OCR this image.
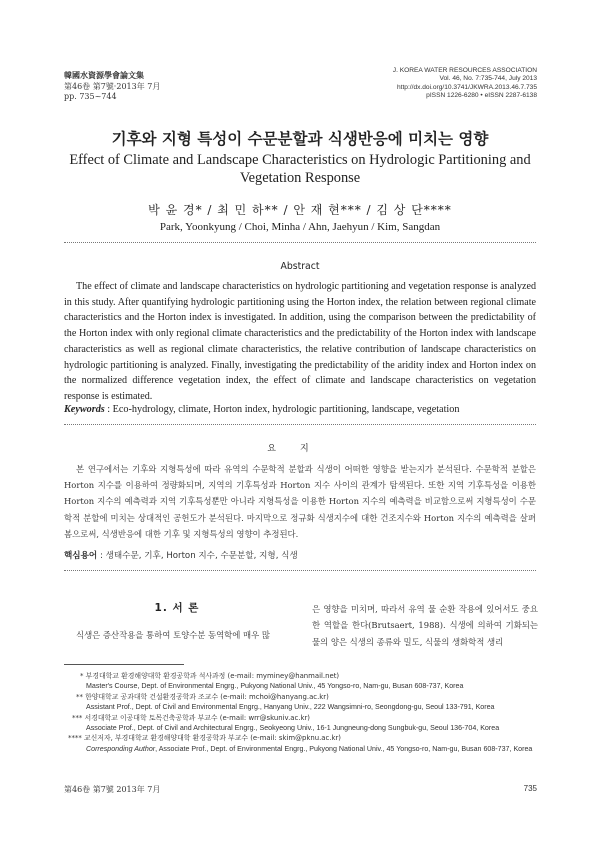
韓國水資源學會論文集
第46卷 第7號·2013年 7月
pp. 735~744
J. KOREA WATER RESOURCES ASSOCIATION
Vol. 46, No. 7:735-744, July 2013
http://dx.doi.org/10.3741/JKWRA.2013.46.7.735
pISSN 1226-6280 • eISSN 2287-6138
기후와 지형 특성이 수문분할과 식생반응에 미치는 영향
Effect of Climate and Landscape Characteristics on Hydrologic Partitioning and Vegetation Response
박 윤 경* / 최 민 하** / 안 재 현*** / 김 상 단****
Park, Yoonkyung / Choi, Minha / Ahn, Jaehyun / Kim, Sangdan
Abstract

The effect of climate and landscape characteristics on hydrologic partitioning and vegetation response is analyzed in this study. After quantifying hydrologic partitioning using the Horton index, the relation between regional climate characteristics and the Horton index is investigated. In addition, using the comparison between the predictability of the Horton index with only regional climate characteristics and the predictability of the Horton index with landscape characteristics as well as regional climate characteristics, the relative contribution of landscape characteristics on hydrologic partitioning is analyzed. Finally, investigating the predictability of the aridity index and Horton index on the normalized difference vegetation index, the effect of climate and landscape characteristics on vegetation response is estimated.

Keywords : Eco-hydrology, climate, Horton index, hydrologic partitioning, landscape, vegetation
요지

본 연구에서는 기후와 지형특성에 따라 유역의 수문학적 분할과 식생이 어떠한 영향을 받는지가 분석된다. 수문학적 분할은 Horton 지수를 이용하여 정량화되며, 지역의 기후특성과 Horton 지수 사이의 관계가 탐색된다. 또한 지역 기후특성을 이용한 Horton 지수의 예측력과 지역 기후특성뿐만 아니라 지형특성을 이용한 Horton 지수의 예측력을 비교함으로써 지형특성이 수문학적 분할에 미치는 상대적인 공헌도가 분석된다. 마지막으로 정규화 식생지수에 대한 건조지수와 Horton 지수의 예측력을 살펴봄으로써, 식생반응에 대한 기후 및 지형특성의 영향이 추정된다.

핵심용어 : 생태수문, 기후, Horton 지수, 수문분할, 지형, 식생
1. 서 론
식생은 증산작용을 통하여 토양수분 동역학에 매우 많
은 영향을 미치며, 따라서 유역 물 순환 작용에 있어서도 중요한 역할을 한다(Brutsaert, 1988). 식생에 의하여 기화되는 물의 양은 식생의 종류와 밀도, 식물의 생화학적 생리
* 부경대학교 환경해양대학 환경공학과 석사과정 (e-mail: myminey@hanmail.net)
Master's Course, Dept. of Environmental Engrg., Pukyong National Univ., 45 Yongso-ro, Nam-gu, Busan 608-737, Korea
** 한양대학교 공과대학 건설환경공학과 조교수 (e-mail: mchoi@hanyang.ac.kr)
Assistant Prof., Dept. of Civil and Environmental Engrg., Hanyang Univ., 222 Wangsimni-ro, Seongdong-gu, Seoul 133-791, Korea
*** 서경대학교 이공대학 토목건축공학과 부교수 (e-mail: wrr@skuniv.ac.kr)
Associate Prof., Dept. of Civil and Architectural Engrg., Seokyeong Univ., 16-1 Jungneung-dong Sungbuk-gu, Seoul 136-704, Korea
**** 교신저자, 부경대학교 환경해양대학 환경공학과 부교수 (e-mail: skim@pknu.ac.kr)
Corresponding Author, Associate Prof., Dept. of Environmental Engrg., Pukyong National Univ., 45 Yongso-ro, Nam-gu, Busan 608-737, Korea
第46卷 第7號 2013年 7月	735
